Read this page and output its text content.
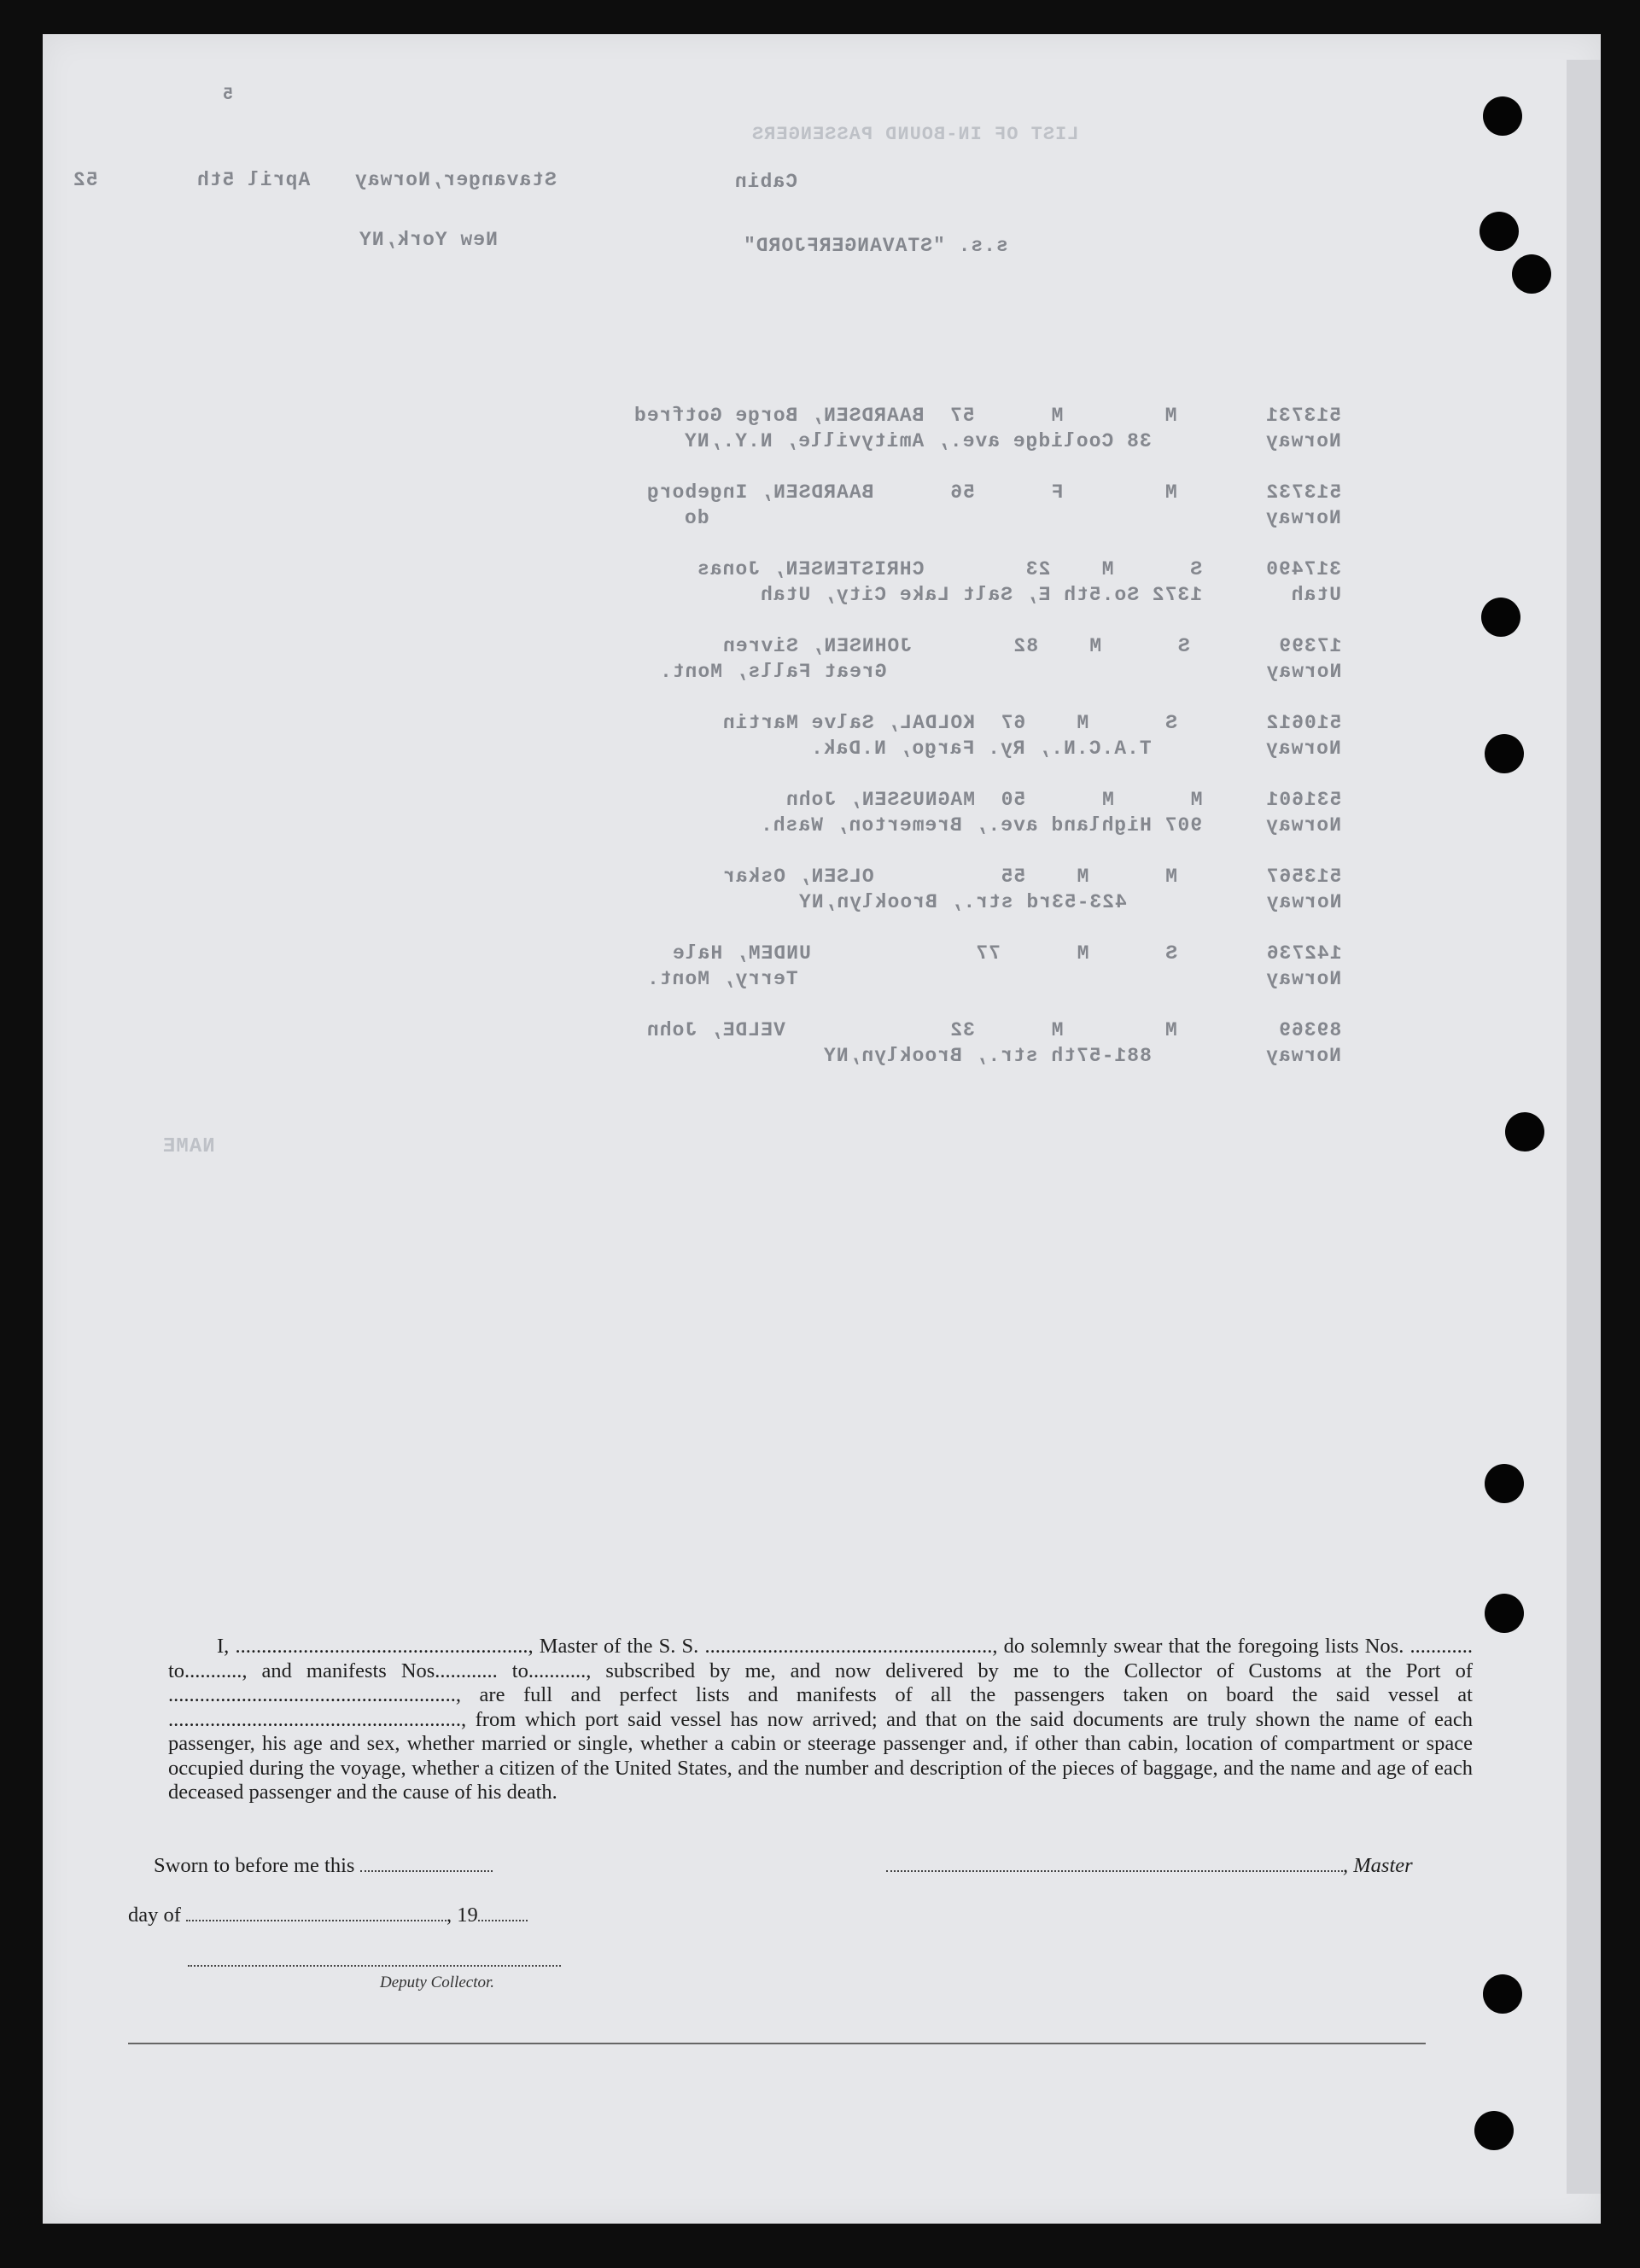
5
LIST OF IN-BOUND PASSENGERS
52	April 5th Stavanger,Norway	Cabin
New York,NY	s.s. "STAVANGERFJORD"

513731       M        M      57  BAARDSEN, Borge Gotfred

Norway         38 Coolidge ave., Amityville, N.Y.,NY

513732       M        F      56      BAARDSEN, Ingeborg

Norway                                            do

317490     S      M    23        CHRISTENSEN, Jonas

Utah       1372 So.5th E, Salt Lake City, Utah

17399       S      M    82        JOHNSEN, Sivren

Norway                              Great Falls, Mont.

510612       S      M    67  KOLDAL, Salve Martin

Norway         T.A.C.N., Ry. Fargo, N.Dak.

531601     M      M      50  MAGNUSSEN, John

Norway     907 Highland ave., Bremerton, Wash.

513567       M      M    55          OLSEN, Oskar

Norway           423-53rd str., Brooklyn,NY

142736       S      M      77             UNDEM, Hale

Norway                                     Terry, Mont.

89369        M        M      32             VELDE, John

Norway         881-57th str., Brooklyn,NY
NAME

I, ........................................................, Master of the S. S. ......................................................., do solemnly swear that the foregoing lists Nos. ............ to..........., and manifests Nos............ to..........., subscribed by me, and now delivered by me to the Collector of Customs at the Port of ......................................................., are full and perfect lists and manifests of all the passengers taken on board the said vessel at ........................................................, from which port said vessel has now arrived; and that on the said documents are truly shown the name of each passenger, his age and sex, whether married or single, whether a cabin or steerage passenger and, if other than cabin, location of compartment or space occupied during the voyage, whether a citizen of the United States, and the number and description of the pieces of baggage, and the name and age of each deceased passenger and the cause of his death.

Sworn to before me this	, Master
day of	, 19
Deputy Collector.
